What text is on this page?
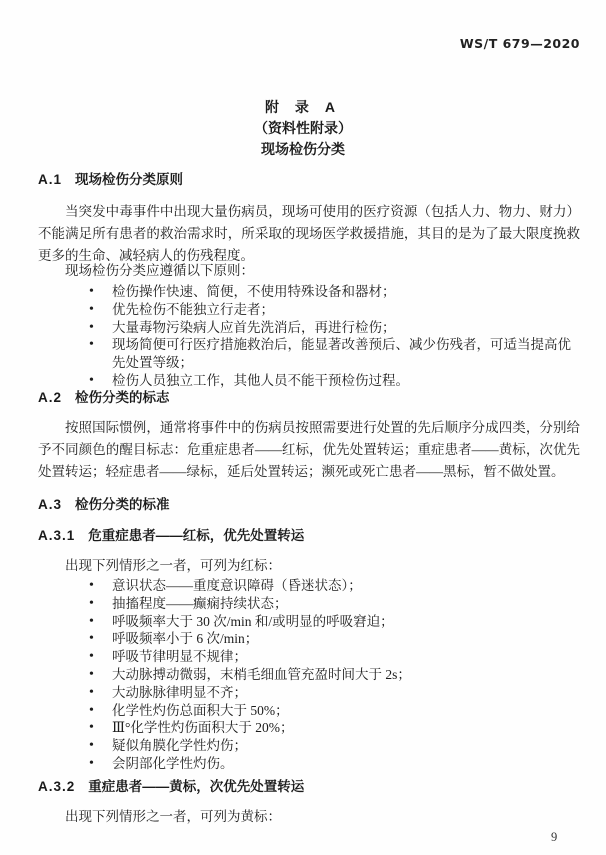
WS/T 679—2020
附 录 A
（资料性附录）
现场检伤分类
A.1 现场检伤分类原则
当突发中毒事件中出现大量伤病员，现场可使用的医疗资源（包括人力、物力、财力）不能满足所有患者的救治需求时，所采取的现场医学救援措施，其目的是为了最大限度挽救更多的生命、减轻病人的伤残程度。
现场检伤分类应遵循以下原则：
• 检伤操作快速、简便，不使用特殊设备和器材；
• 优先检伤不能独立行走者；
• 大量毒物污染病人应首先洗消后，再进行检伤；
• 现场简便可行医疗措施救治后，能显著改善预后、减少伤残者，可适当提高优先处置等级；
• 检伤人员独立工作，其他人员不能干预检伤过程。
A.2 检伤分类的标志
按照国际惯例，通常将事件中的伤病员按照需要进行处置的先后顺序分成四类，分别给予不同颜色的醒目标志：危重症患者——红标，优先处置转运；重症患者——黄标，次优先处置转运；轻症患者——绿标，延后处置转运；濒死或死亡患者——黑标，暂不做处置。
A.3 检伤分类的标准
A.3.1 危重症患者——红标，优先处置转运
出现下列情形之一者，可列为红标：
• 意识状态——重度意识障碍（昏迷状态）；
• 抽搐程度——癫痫持续状态；
• 呼吸频率大于 30 次/min 和/或明显的呼吸窘迫；
• 呼吸频率小于 6 次/min；
• 呼吸节律明显不规律；
• 大动脉搏动微弱，末梢毛细血管充盈时间大于 2s；
• 大动脉脉律明显不齐；
• 化学性灼伤总面积大于 50%；
• Ⅲ°化学性灼伤面积大于 20%；
• 疑似角膜化学性灼伤；
• 会阴部化学性灼伤。
A.3.2 重症患者——黄标，次优先处置转运
出现下列情形之一者，可列为黄标：
9
